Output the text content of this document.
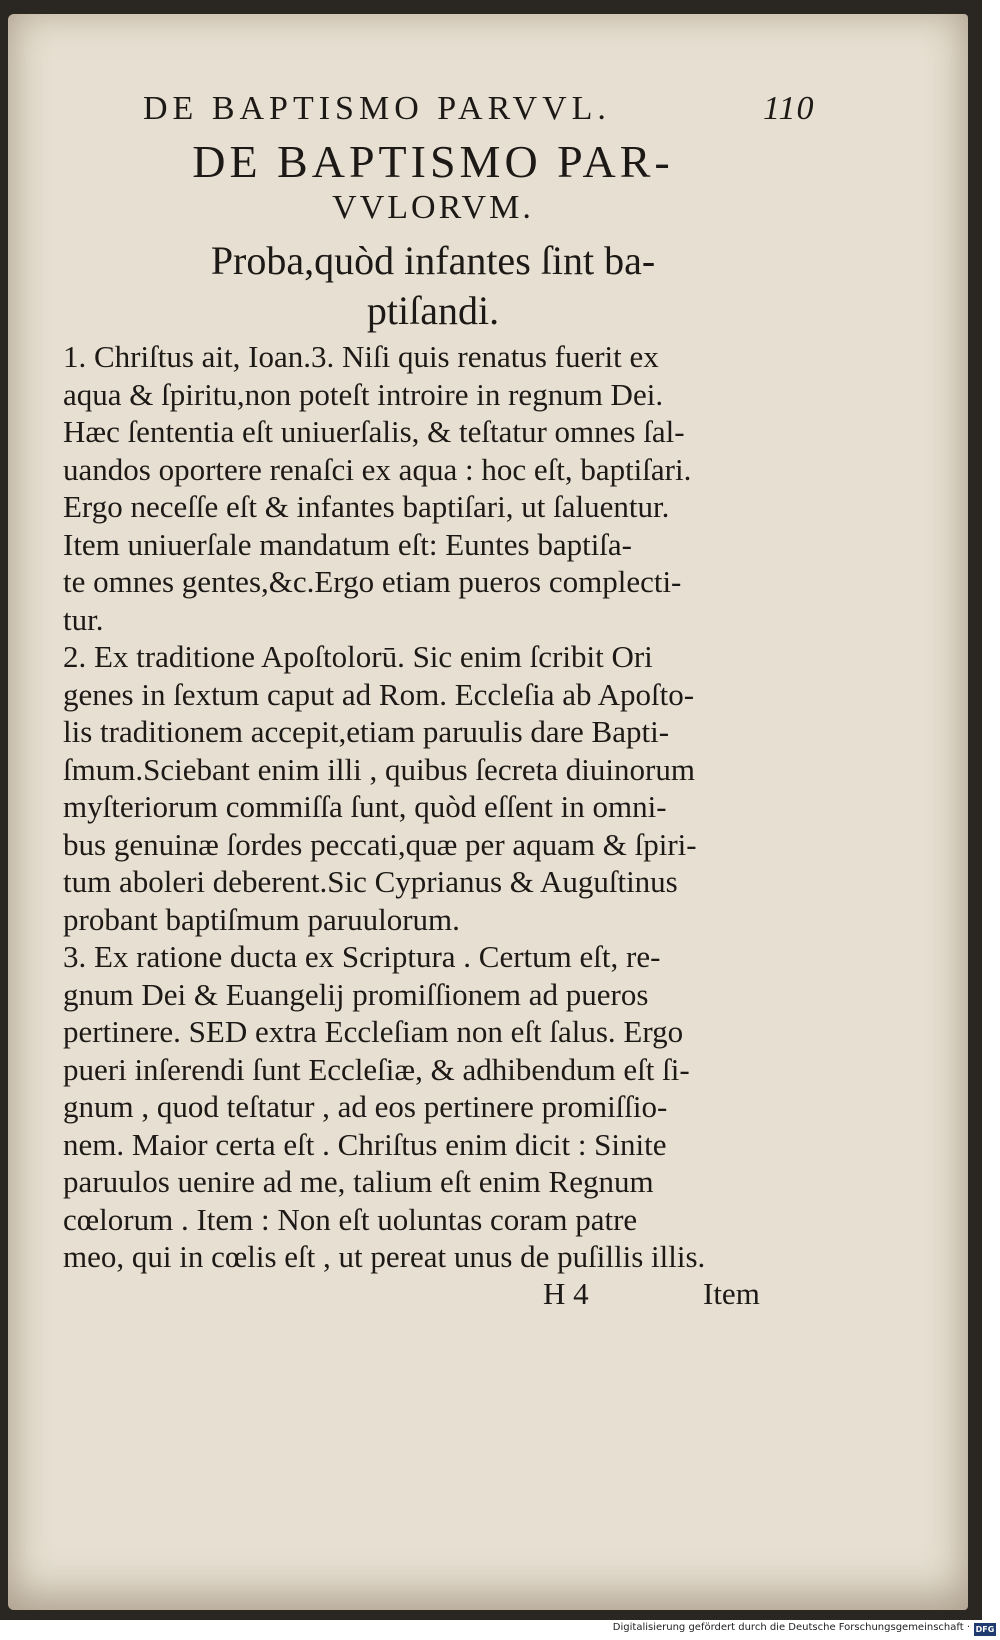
DE BAPTISMO PARVVL.	110
DE BAPTISMO PAR-
VVLORVM.
Proba,quòd infantes ſint ba-
ptiſandi.
1. Chriſtus ait, Ioan.3. Niſi quis renatus fuerit ex
aqua & ſpiritu,non poteſt introire in regnum Dei.
Hæc ſententia eſt uniuerſalis, & teſtatur omnes ſal-
uandos oportere renaſci ex aqua : hoc eſt, baptiſari.
Ergo neceſſe eſt & infantes baptiſari, ut ſaluentur.
Item uniuerſale mandatum eſt: Euntes baptiſa-
te omnes gentes,&c.Ergo etiam pueros complecti-
tur.
2. Ex traditione Apoſtolorū. Sic enim ſcribit Ori
genes in ſextum caput ad Rom. Eccleſia ab Apoſto-
lis traditionem accepit,etiam paruulis dare Bapti-
ſmum.Sciebant enim illi , quibus ſecreta diuinorum
myſteriorum commiſſa ſunt, quòd eſſent in omni-
bus genuinæ ſordes peccati,quæ per aquam & ſpiri-
tum aboleri deberent.Sic Cyprianus & Auguſtinus
probant baptiſmum paruulorum.
3. Ex ratione ducta ex Scriptura . Certum eſt, re-
gnum Dei & Euangelij promiſſionem ad pueros
pertinere. SED extra Eccleſiam non eſt ſalus. Ergo
pueri inſerendi ſunt Eccleſiæ, & adhibendum eſt ſi-
gnum , quod teſtatur , ad eos pertinere promiſſio-
nem. Maior certa eſt . Chriſtus enim dicit : Sinite
paruulos uenire ad me, talium eſt enim Regnum
cœlorum . Item : Non eſt uoluntas coram patre
meo, qui in cœlis eſt , ut pereat unus de puſillis illis.
H 4	Item
Digitalisierung gefördert durch die Deutsche Forschungsgemeinschaft · DFG
